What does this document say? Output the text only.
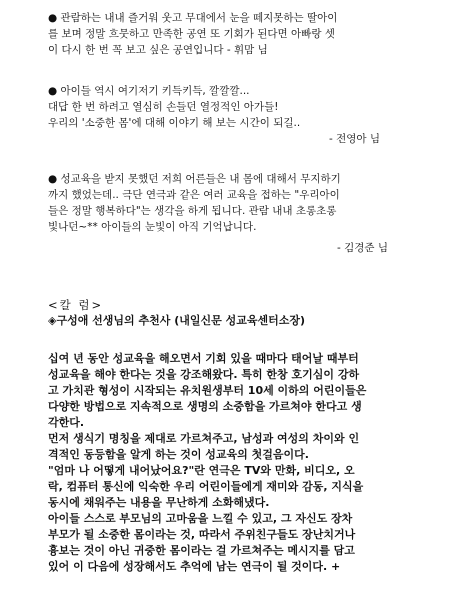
● 관람하는 내내 즐거워 웃고 무대에서 눈을 떼지못하는 딸아이
를 보며 정말 흐뭇하고 만족한 공연 또 기회가 된다면 아빠랑 셋
이 다시 한 번 꼭 보고 싶은 공연입니다 - 휘맘 님
● 아이들 역시 여기저기 키득키득, 깔깔깔...
대답 한 번 하려고 열심히 손들던 열정적인 아가들!
우리의 '소중한 몸'에 대해 이야기 해 보는 시간이 되길..
- 전영아 님
● 성교육을 받지 못했던 저희 어른들은 내 몸에 대해서 무지하기
까지 했었는데.. 극단 연극과 같은 여러 교육을 접하는 "우리아이
들은 정말 행복하다"는 생각을 하게 됩니다. 관람 내내 초롱초롱
빛나던~** 아이들의 눈빛이 아직 기억납니다.
- 김경준 님
<칼 럼>
◈구성애 선생님의 추천사 (내일신문 성교육센터소장)
십여 년 동안 성교육을 해오면서 기회 있을 때마다 태어날 때부터
성교육을 해야 한다는 것을 강조해왔다. 특히 한창 호기심이 강하
고 가치관 형성이 시작되는 유치원생부터 10세 이하의 어린이들은
다양한 방법으로 지속적으로 생명의 소중함을 가르쳐야 한다고 생
각한다.
먼저 생식기 명칭을 제대로 가르쳐주고, 남성과 여성의 차이와 인
격적인 동등함을 알게 하는 것이 성교육의 첫걸음이다.
"엄마 나 어떻게 내어났어요?"란 연극은 TV와 만화, 비디오, 오
락, 컴퓨터 통신에 익숙한 우리 어린이들에게 재미와 감동, 지식을
동시에 채워주는 내용을 무난하게 소화해냈다.
아이들 스스로 부모님의 고마움을 느낄 수 있고, 그 자신도 장차
부모가 될 소중한 몸이라는 것, 따라서 주위친구들도 장난치거나
흉보는 것이 아닌 귀중한 몸이라는 걸 가르쳐주는 메시지를 담고
있어 이 다음에 성장해서도 추억에 남는 연극이 될 것이다. +
